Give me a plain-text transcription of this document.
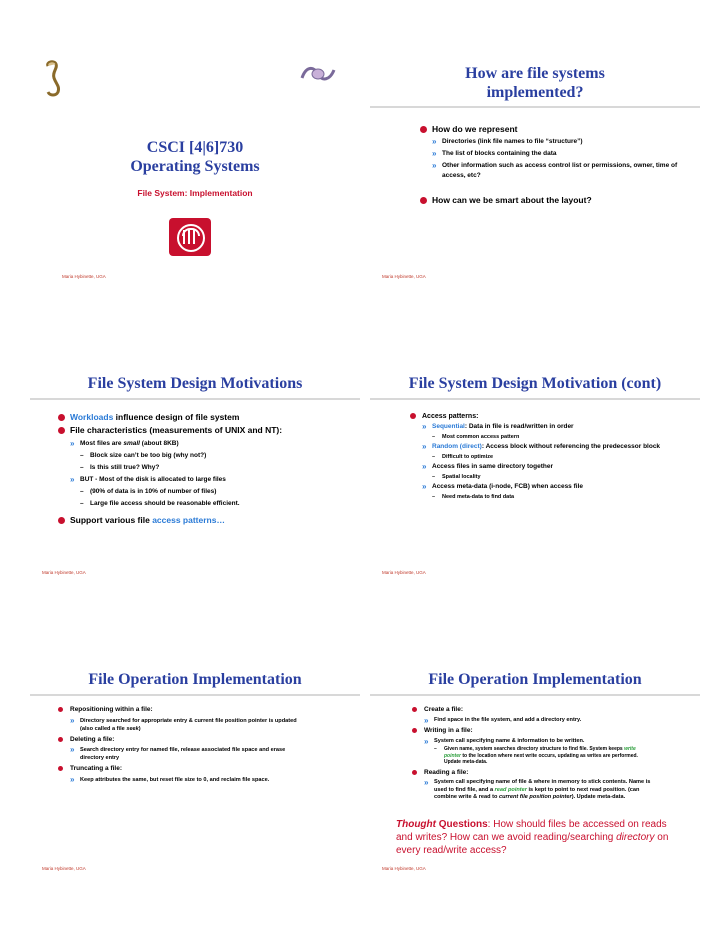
CSCI [4|6]730
Operating Systems
File System: Implementation
Maria Hybinette, UGA
How are file systems
implemented?
How do we represent
» Directories (link file names to file “structure”)
» The list of blocks containing the data
» Other information such as access control list or permissions, owner, time of access, etc?
How can we be smart about the layout?
Maria Hybinette, UGA
File System Design Motivations
Workloads influence design of file system
File characteristics (measurements of UNIX and NT):
» Most files are small (about 8KB)
– Block size can’t be too big (why not?)
– Is this still true? Why?
» BUT - Most of the disk is allocated to large files
– (90% of data is in 10% of number of files)
– Large file access should be reasonable efficient.
Support various file access patterns…
Maria Hybinette, UGA
File System Design Motivation (cont)
Access patterns:
» Sequential: Data in file is read/written in order
– Most common access pattern
» Random (direct): Access block without referencing the predecessor block
– Difficult to optimize
» Access files in same directory together
– Spatial locality
» Access meta-data (i-node, FCB) when access file
– Need meta-data to find data
Maria Hybinette, UGA
File Operation Implementation
Repositioning within a file:
» Directory searched for appropriate entry & current file position pointer is updated (also called a file seek)
Deleting a file:
» Search directory entry for named file, release associated file space and erase directory entry
Truncating a file:
» Keep attributes the same, but reset file size to 0, and reclaim file space.
Maria Hybinette, UGA
File Operation Implementation
Create a file:
» Find space in the file system, and add a directory entry.
Writing in a file:
» System call specifying name & information to be written.
– Given name, system searches directory structure to find file. System keeps write pointer to the location where next write occurs, updating as writes are performed. Update meta-data.
Reading a file:
» System call specifying name of file & where in memory to stick contents. Name is used to find file, and a read pointer is kept to point to next read position. (can combine write & read to current file position pointer). Update meta-data.
Thought Questions: How should files be accessed on reads and writes? How can we avoid reading/searching directory on every read/write access?
Maria Hybinette, UGA
